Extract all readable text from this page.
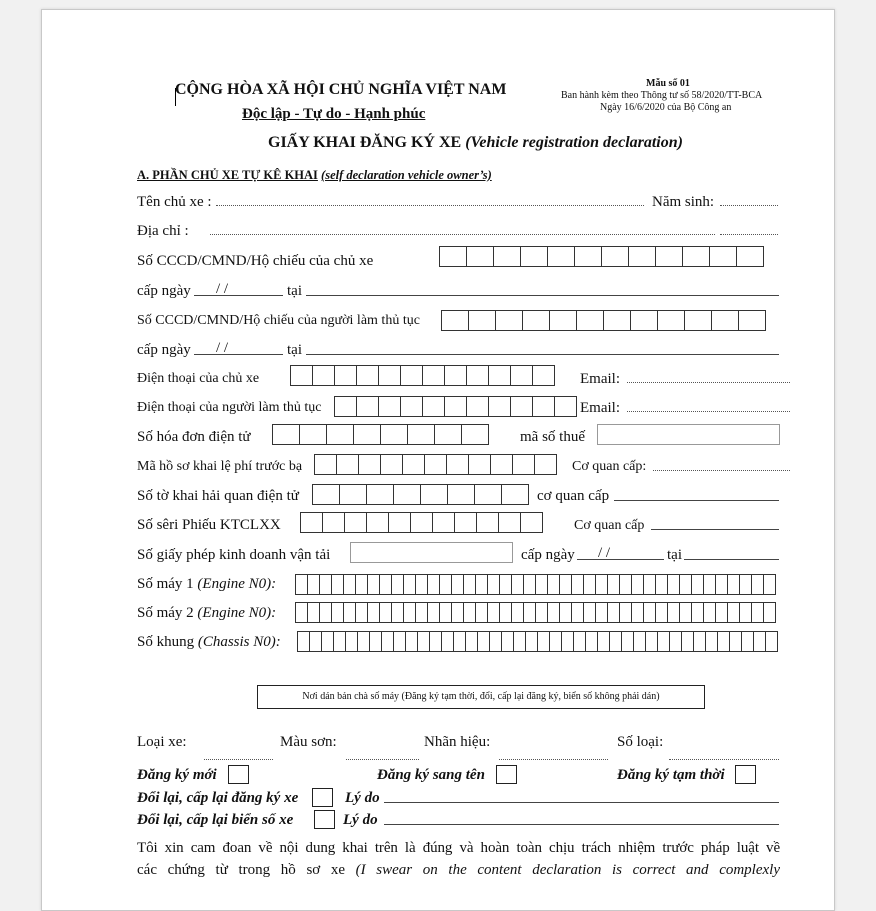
CỘNG HÒA XÃ HỘI CHỦ NGHĨA VIỆT NAM
Độc lập - Tự do - Hạnh phúc
Mẫu số 01
Ban hành kèm theo Thông tư số 58/2020/TT-BCA
Ngày 16/6/2020 của Bộ Công an
GIẤY KHAI ĐĂNG KÝ XE (Vehicle registration declaration)
A. PHẦN CHỦ XE TỰ KÊ KHAI (self declaration vehicle owner’s)
Tên chủ xe :	Năm sinh:
Địa chỉ :
Số CCCD/CMND/Hộ chiếu của chủ xe
cấp ngày / /	tại
Số CCCD/CMND/Hộ chiếu của người làm thủ tục
cấp ngày / /	tại
Điện thoại của chủ xe	Email:
Điện thoại của người làm thủ tục	Email:
Số hóa đơn điện tử	mã số thuế
Mã hồ sơ khai lệ phí trước bạ	Cơ quan cấp:
Số tờ khai hải quan điện tử	cơ quan cấp
Số sêri Phiếu KTCLXX	Cơ quan cấp
Số giấy phép kinh doanh vận tải	cấp ngày / /	tại
Số máy 1 (Engine N0):
Số máy 2 (Engine N0):
Số khung (Chassis N0):
Nơi dán bản chà số máy (Đăng ký tạm thời, đổi, cấp lại đăng ký, biển số không phải dán)
Loại xe:	Màu sơn:	Nhãn hiệu:	Số loại:
Đăng ký mới	Đăng ký sang tên	Đăng ký tạm thời
Đổi lại, cấp lại đăng ký xe	Lý do
Đổi lại, cấp lại biển số xe	Lý do
Tôi xin cam đoan về nội dung khai trên là đúng và hoàn toàn chịu trách nhiệm trước pháp luật về
các chứng từ trong hồ sơ xe (I swear on the content declaration is correct and complexly
